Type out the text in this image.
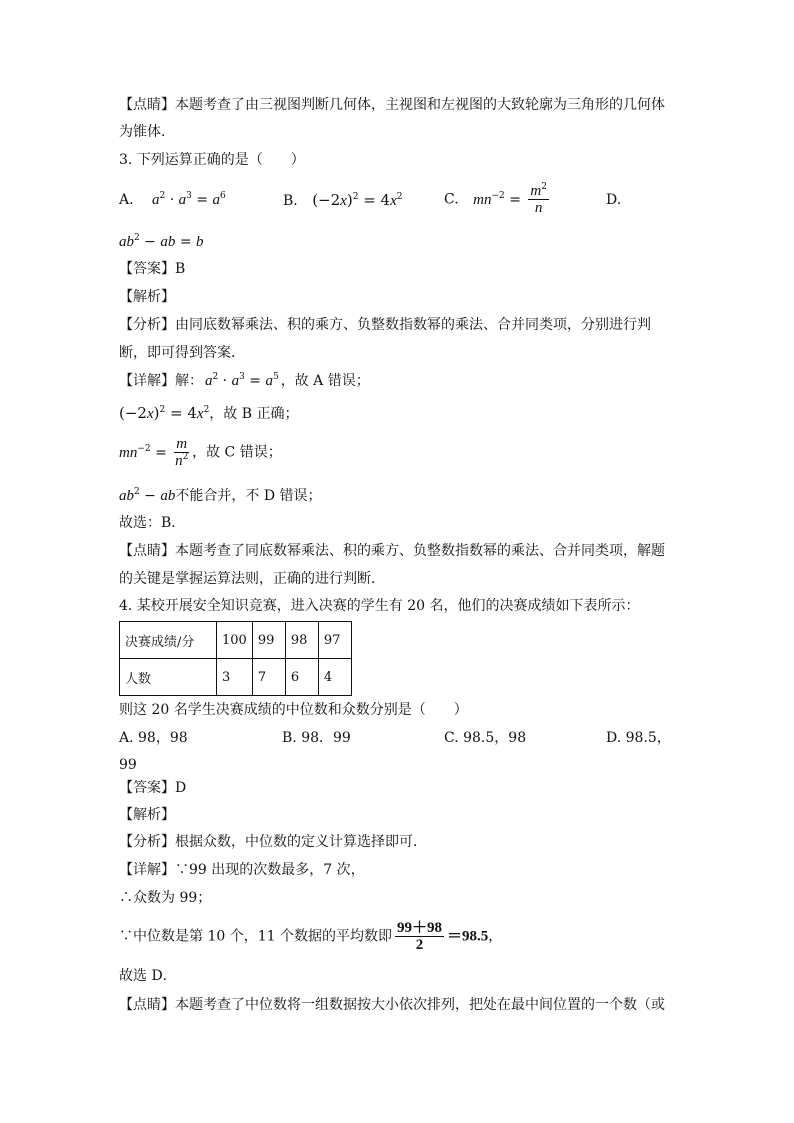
【点睛】本题考查了由三视图判断几何体，主视图和左视图的大致轮廓为三角形的几何体
为锥体．
3. 下列运算正确的是（　　）
A. $a^2 \cdot a^3 = a^6$	B. $(-2x)^2 = 4x^2$	C. $mn^{-2} = \frac{m^2}{n}$	D.
$ab^2$ − ab = b
【答案】B
【解析】
【分析】由同底数幂乘法、积的乘方、负整数指数幂的乘法、合并同类项，分别进行判
断，即可得到答案．
【详解】解： $a^2 \cdot a^3 = a^5$ ，故 A 错误；
$(-2x)^2 = 4x^2$，故 B 正确；
$mn^{-2} = \frac{m}{n^2}$ ，故 C 错误；
$ab^2$ − ab不能合并，不 D 错误；
故选：B．
【点睛】本题考查了同底数幂乘法、积的乘方、负整数指数幂的乘法、合并同类项，解题
的关键是掌握运算法则，正确的进行判断．
4. 某校开展安全知识竞赛，进入决赛的学生有 20 名，他们的决赛成绩如下表所示：
决赛成绩/分	100	99	98	97
人数	3	7	6	4
则这 20 名学生决赛成绩的中位数和众数分别是（　　）
A. 98，98	B. 98．99	C. 98.5，98	D. 98.5，
99
【答案】D
【解析】
【分析】根据众数，中位数的定义计算选择即可．
【详解】∵99 出现的次数最多，7 次，
∴众数为 99；
∵中位数是第 10 个，11 个数据的平均数即 $\frac{99+98}{2} =98.5$，
故选 D．
【点睛】本题考查了中位数将一组数据按大小依次排列，把处在最中间位置的一个数（或
